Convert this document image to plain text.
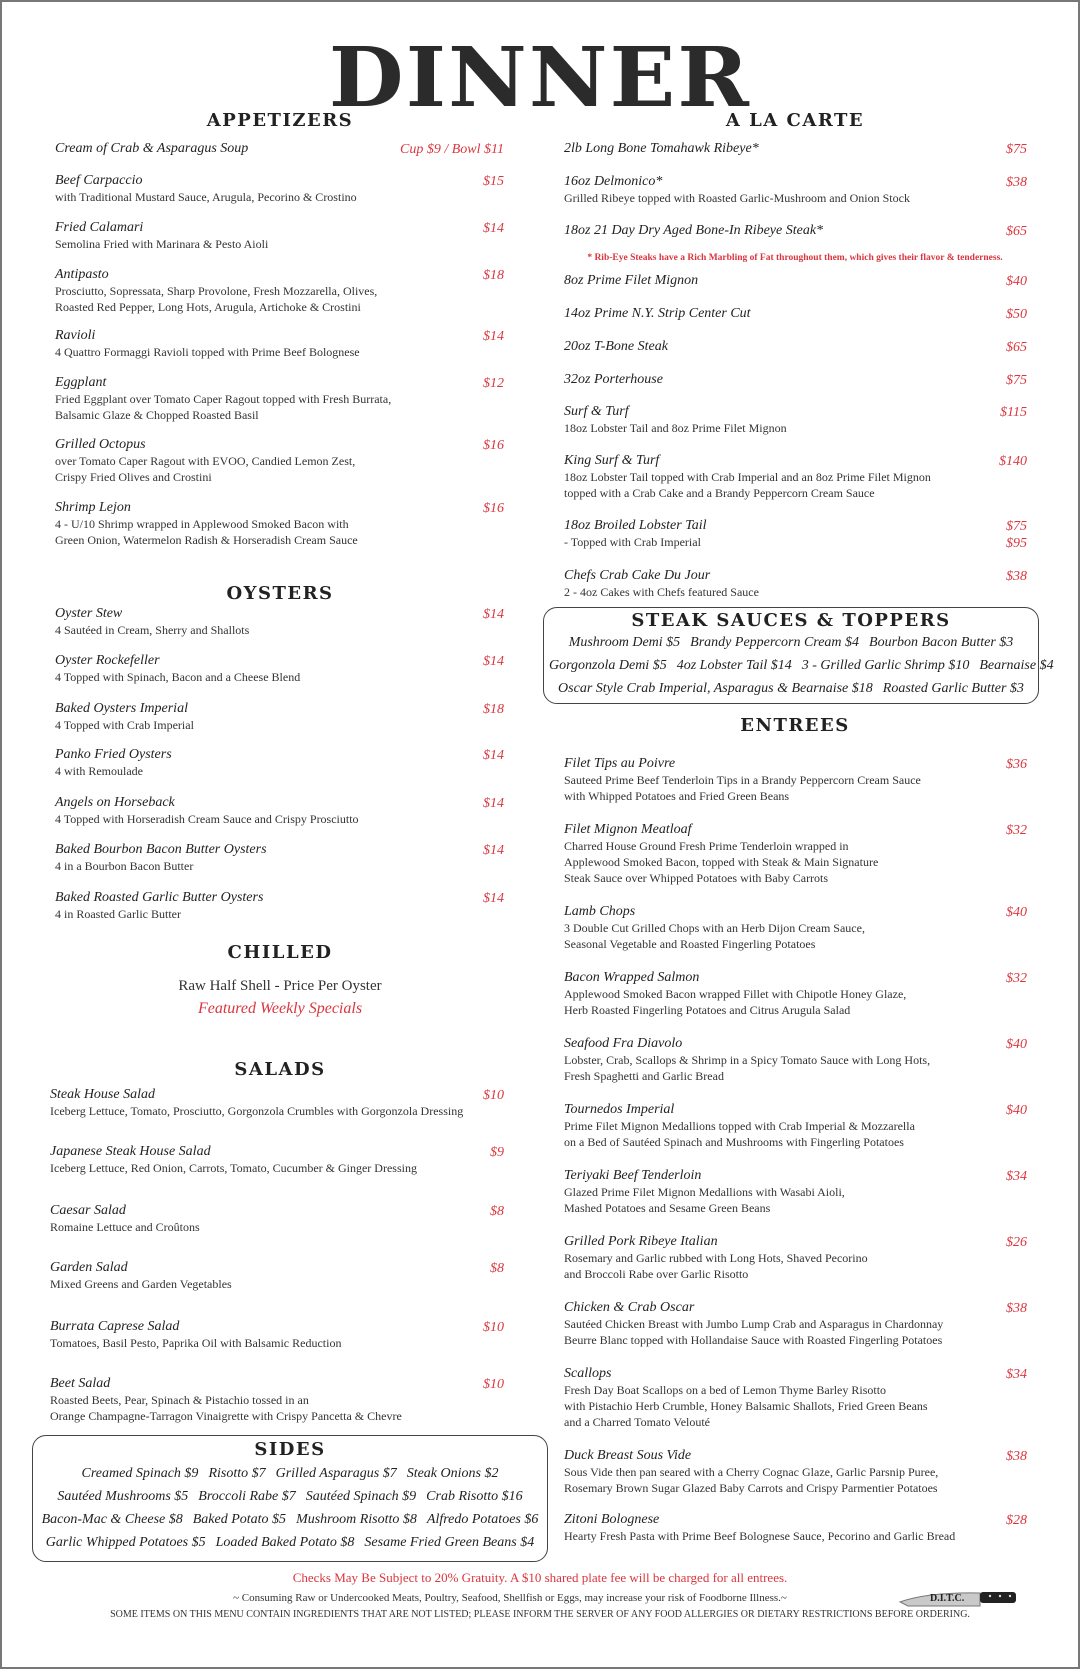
DINNER
APPETIZERS
OYSTERS
CHILLED
Raw Half Shell - Price Per Oyster
Featured Weekly Specials
SALADS
A LA CARTE
* Rib-Eye Steaks have a Rich Marbling of Fat throughout them, which gives their flavor & tenderness.
ENTREES
STEAK SAUCES & TOPPERS
Mushroom Demi $5 Brandy Peppercorn Cream $4 Bourbon Bacon Butter $3
Gorgonzola Demi $5 4oz Lobster Tail $14 3 - Grilled Garlic Shrimp $10 Bearnaise $4
Oscar Style Crab Imperial, Asparagus & Bearnaise $18 Roasted Garlic Butter $3
SIDES
Creamed Spinach $9 Risotto $7 Grilled Asparagus $7 Steak Onions $2
Sautéed Mushrooms $5 Broccoli Rabe $7 Sautéed Spinach $9 Crab Risotto $16
Bacon-Mac & Cheese $8 Baked Potato $5 Mushroom Risotto $8 Alfredo Potatoes $6
Garlic Whipped Potatoes $5 Loaded Baked Potato $8 Sesame Fried Green Beans $4
Checks May Be Subject to 20% Gratuity. A $10 shared plate fee will be charged for all entrees.
~ Consuming Raw or Undercooked Meats, Poultry, Seafood, Shellfish or Eggs, may increase your risk of Foodborne Illness.~
SOME ITEMS ON THIS MENU CONTAIN INGREDIENTS THAT ARE NOT LISTED; PLEASE INFORM THE SERVER OF ANY FOOD ALLERGIES OR DIETARY RESTRICTIONS BEFORE ORDERING.
D.I.T.C.
Cream of Crab & Asparagus Soup	Cup $9 / Bowl $11
Beef Carpaccio	$15
with Traditional Mustard Sauce, Arugula, Pecorino & Crostino
Fried Calamari	$14
Semolina Fried with Marinara & Pesto Aioli
Antipasto	$18
Prosciutto, Sopressata, Sharp Provolone, Fresh Mozzarella, Olives,
Roasted Red Pepper, Long Hots, Arugula, Artichoke & Crostini
Ravioli	$14
4 Quattro Formaggi Ravioli topped with Prime Beef Bolognese
Eggplant	$12
Fried Eggplant over Tomato Caper Ragout topped with Fresh Burrata,
Balsamic Glaze & Chopped Roasted Basil
Grilled Octopus	$16
over Tomato Caper Ragout with EVOO, Candied Lemon Zest,
Crispy Fried Olives and Crostini
Shrimp Lejon	$16
4 - U/10 Shrimp wrapped in Applewood Smoked Bacon with
Green Onion, Watermelon Radish & Horseradish Cream Sauce
Oyster Stew	$14
4 Sautéed in Cream, Sherry and Shallots
Oyster Rockefeller	$14
4 Topped with Spinach, Bacon and a Cheese Blend
Baked Oysters Imperial	$18
4 Topped with Crab Imperial
Panko Fried Oysters	$14
4 with Remoulade
Angels on Horseback	$14
4 Topped with Horseradish Cream Sauce and Crispy Prosciutto
Baked Bourbon Bacon Butter Oysters	$14
4 in a Bourbon Bacon Butter
Baked Roasted Garlic Butter Oysters	$14
4 in Roasted Garlic Butter
Steak House Salad	$10
Iceberg Lettuce, Tomato, Prosciutto, Gorgonzola Crumbles with Gorgonzola Dressing
Japanese Steak House Salad	$9
Iceberg Lettuce, Red Onion, Carrots, Tomato, Cucumber & Ginger Dressing
Caesar Salad	$8
Romaine Lettuce and Croûtons
Garden Salad	$8
Mixed Greens and Garden Vegetables
Burrata Caprese Salad	$10
Tomatoes, Basil Pesto, Paprika Oil with Balsamic Reduction
Beet Salad	$10
Roasted Beets, Pear, Spinach & Pistachio tossed in an
Orange Champagne-Tarragon Vinaigrette with Crispy Pancetta & Chevre
2lb Long Bone Tomahawk Ribeye*	$75
16oz Delmonico*	$38
Grilled Ribeye topped with Roasted Garlic-Mushroom and Onion Stock
18oz 21 Day Dry Aged Bone-In Ribeye Steak*	$65
8oz Prime Filet Mignon	$40
14oz Prime N.Y. Strip Center Cut	$50
20oz T-Bone Steak	$65
32oz Porterhouse	$75
Surf & Turf	$115
18oz Lobster Tail and 8oz Prime Filet Mignon
King Surf & Turf	$140
18oz Lobster Tail topped with Crab Imperial and an 8oz Prime Filet Mignon
topped with a Crab Cake and a Brandy Peppercorn Cream Sauce
18oz Broiled Lobster Tail	$75
$95
- Topped with Crab Imperial
Chefs Crab Cake Du Jour	$38
2 - 4oz Cakes with Chefs featured Sauce
Filet Tips au Poivre	$36
Sauteed Prime Beef Tenderloin Tips in a Brandy Peppercorn Cream Sauce
with Whipped Potatoes and Fried Green Beans
Filet Mignon Meatloaf	$32
Charred House Ground Fresh Prime Tenderloin wrapped in
Applewood Smoked Bacon, topped with Steak & Main Signature
Steak Sauce over Whipped Potatoes with Baby Carrots
Lamb Chops	$40
3 Double Cut Grilled Chops with an Herb Dijon Cream Sauce,
Seasonal Vegetable and Roasted Fingerling Potatoes
Bacon Wrapped Salmon	$32
Applewood Smoked Bacon wrapped Fillet with Chipotle Honey Glaze,
Herb Roasted Fingerling Potatoes and Citrus Arugula Salad
Seafood Fra Diavolo	$40
Lobster, Crab, Scallops & Shrimp in a Spicy Tomato Sauce with Long Hots,
Fresh Spaghetti and Garlic Bread
Tournedos Imperial	$40
Prime Filet Mignon Medallions topped with Crab Imperial & Mozzarella
on a Bed of Sautéed Spinach and Mushrooms with Fingerling Potatoes
Teriyaki Beef Tenderloin	$34
Glazed Prime Filet Mignon Medallions with Wasabi Aioli,
Mashed Potatoes and Sesame Green Beans
Grilled Pork Ribeye Italian	$26
Rosemary and Garlic rubbed with Long Hots, Shaved Pecorino
and Broccoli Rabe over Garlic Risotto
Chicken & Crab Oscar	$38
Sautéed Chicken Breast with Jumbo Lump Crab and Asparagus in Chardonnay
Beurre Blanc topped with Hollandaise Sauce with Roasted Fingerling Potatoes
Scallops	$34
Fresh Day Boat Scallops on a bed of Lemon Thyme Barley Risotto
with Pistachio Herb Crumble, Honey Balsamic Shallots, Fried Green Beans
and a Charred Tomato Velouté
Duck Breast Sous Vide	$38
Sous Vide then pan seared with a Cherry Cognac Glaze, Garlic Parsnip Puree,
Rosemary Brown Sugar Glazed Baby Carrots and Crispy Parmentier Potatoes
Zitoni Bolognese	$28
Hearty Fresh Pasta with Prime Beef Bolognese Sauce, Pecorino and Garlic Bread
